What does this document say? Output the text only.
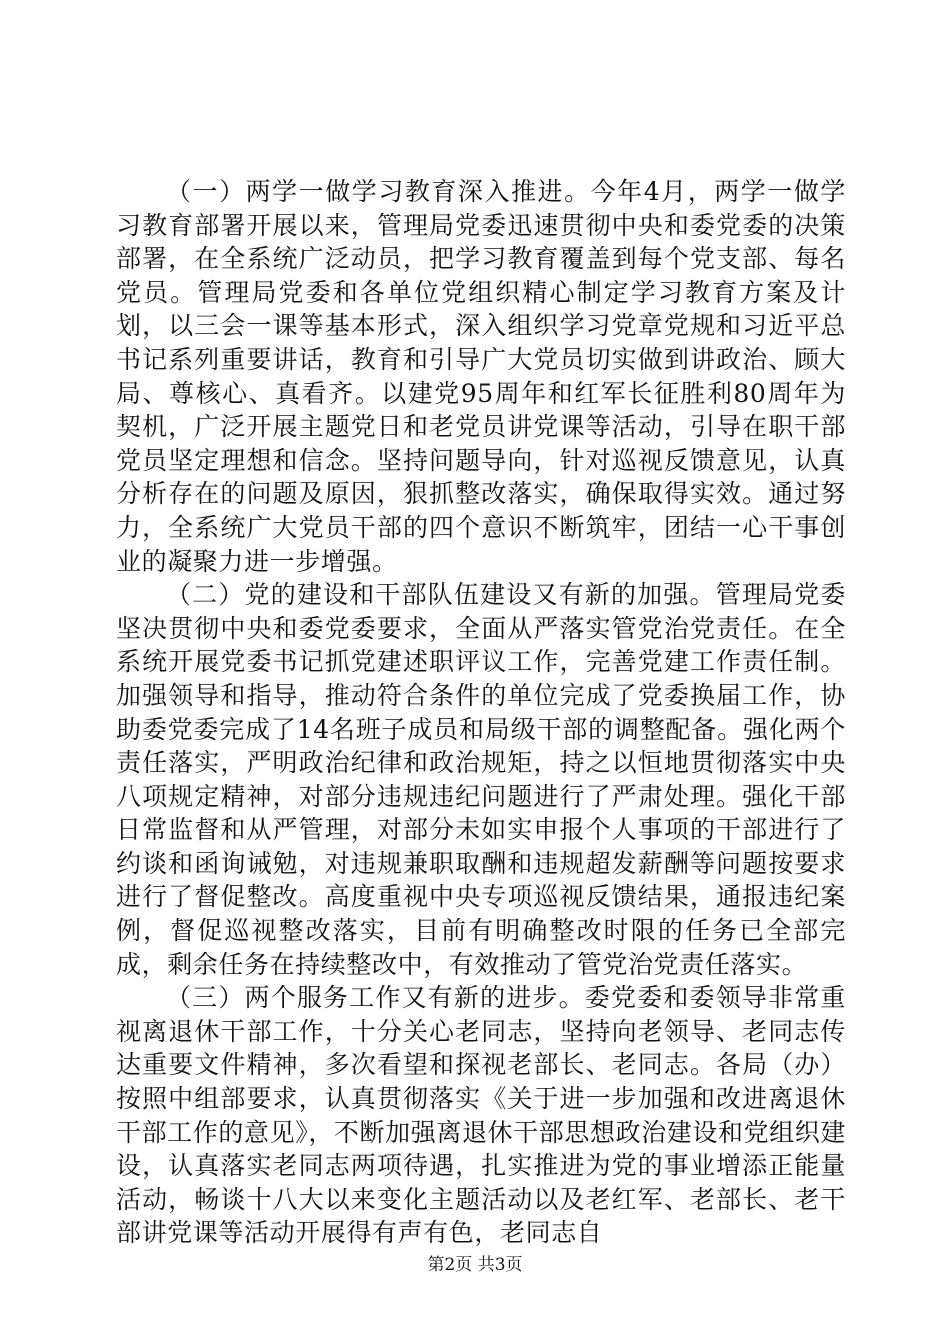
（一）两学一做学习教育深入推进。今年4月，两学一做学习教育部署开展以来，管理局党委迅速贯彻中央和委党委的决策部署，在全系统广泛动员，把学习教育覆盖到每个党支部、每名党员。管理局党委和各单位党组织精心制定学习教育方案及计划，以三会一课等基本形式，深入组织学习党章党规和习近平总书记系列重要讲话，教育和引导广大党员切实做到讲政治、顾大局、尊核心、真看齐。以建党95周年和红军长征胜利80周年为契机，广泛开展主题党日和老党员讲党课等活动，引导在职干部党员坚定理想和信念。坚持问题导向，针对巡视反馈意见，认真分析存在的问题及原因，狠抓整改落实，确保取得实效。通过努力，全系统广大党员干部的四个意识不断筑牢，团结一心干事创业的凝聚力进一步增强。

（二）党的建设和干部队伍建设又有新的加强。管理局党委坚决贯彻中央和委党委要求，全面从严落实管党治党责任。在全系统开展党委书记抓党建述职评议工作，完善党建工作责任制。加强领导和指导，推动符合条件的单位完成了党委换届工作，协助委党委完成了14名班子成员和局级干部的调整配备。强化两个责任落实，严明政治纪律和政治规矩，持之以恒地贯彻落实中央八项规定精神，对部分违规违纪问题进行了严肃处理。强化干部日常监督和从严管理，对部分未如实申报个人事项的干部进行了约谈和函询诫勉，对违规兼职取酬和违规超发薪酬等问题按要求进行了督促整改。高度重视中央专项巡视反馈结果，通报违纪案例，督促巡视整改落实，目前有明确整改时限的任务已全部完成，剩余任务在持续整改中，有效推动了管党治党责任落实。

（三）两个服务工作又有新的进步。委党委和委领导非常重视离退休干部工作，十分关心老同志，坚持向老领导、老同志传达重要文件精神，多次看望和探视老部长、老同志。各局（办）按照中组部要求，认真贯彻落实《关于进一步加强和改进离退休干部工作的意见》，不断加强离退休干部思想政治建设和党组织建设，认真落实老同志两项待遇，扎实推进为党的事业增添正能量活动，畅谈十八大以来变化主题活动以及老红军、老部长、老干部讲党课等活动开展得有声有色，老同志自

第2页 共3页
